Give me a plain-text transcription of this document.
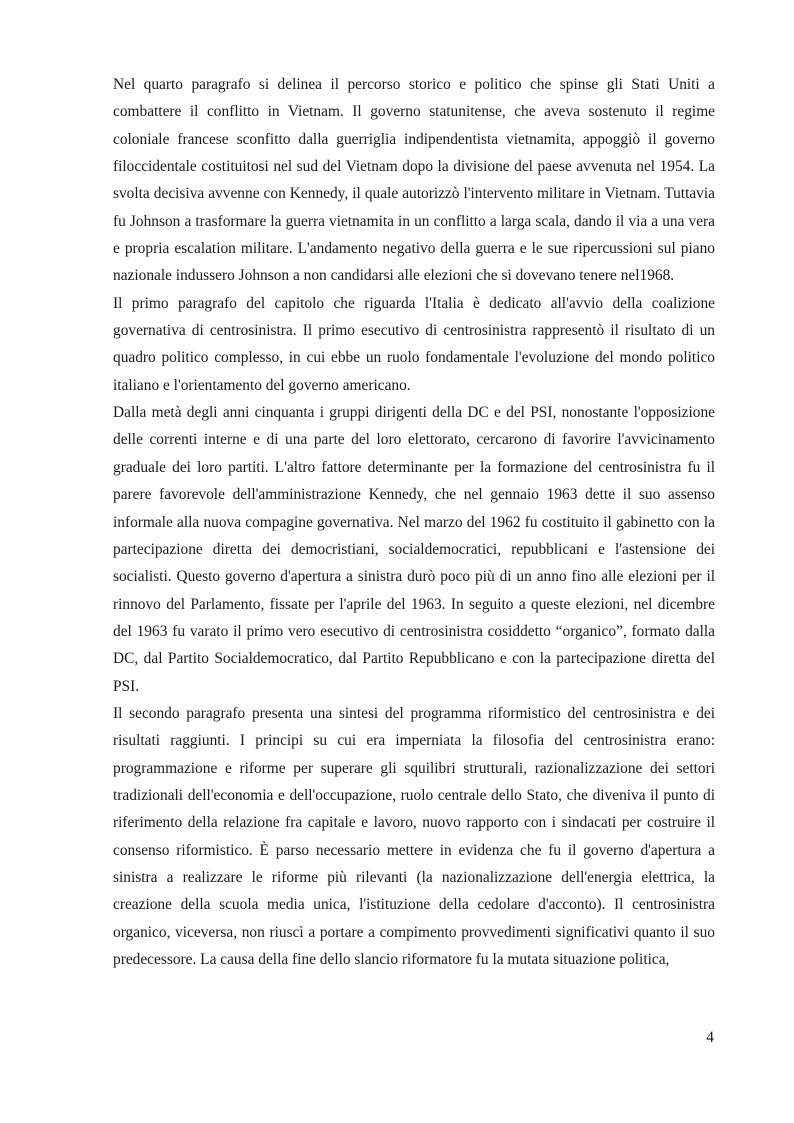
Nel quarto paragrafo si delinea il percorso storico e politico che spinse gli Stati Uniti a combattere il conflitto in Vietnam. Il governo statunitense, che aveva sostenuto il regime coloniale francese sconfitto dalla guerriglia indipendentista vietnamita, appoggiò il governo filoccidentale costituitosi nel sud del Vietnam dopo la divisione del paese avvenuta nel 1954. La svolta decisiva avvenne con Kennedy, il quale autorizzò l'intervento militare in Vietnam. Tuttavia fu Johnson a trasformare la guerra vietnamita in un conflitto a larga scala, dando il via a una vera e propria escalation militare. L'andamento negativo della guerra e le sue ripercussioni sul piano nazionale indussero Johnson a non candidarsi alle elezioni che si dovevano tenere nel1968.

Il primo paragrafo del capitolo che riguarda l'Italia è dedicato all'avvio della coalizione governativa di centrosinistra. Il primo esecutivo di centrosinistra rappresentò il risultato di un quadro politico complesso, in cui ebbe un ruolo fondamentale l'evoluzione del mondo politico italiano e l'orientamento del governo americano.

Dalla metà degli anni cinquanta i gruppi dirigenti della DC e del PSI, nonostante l'opposizione delle correnti interne e di una parte del loro elettorato, cercarono di favorire l'avvicinamento graduale dei loro partiti. L'altro fattore determinante per la formazione del centrosinistra fu il parere favorevole dell'amministrazione Kennedy, che nel gennaio 1963 dette il suo assenso informale alla nuova compagine governativa. Nel marzo del 1962 fu costituito il gabinetto con la partecipazione diretta dei democristiani, socialdemocratici, repubblicani e l'astensione dei socialisti. Questo governo d'apertura a sinistra durò poco più di un anno fino alle elezioni per il rinnovo del Parlamento, fissate per l'aprile del 1963. In seguito a queste elezioni, nel dicembre del 1963 fu varato il primo vero esecutivo di centrosinistra cosiddetto “organico”, formato dalla DC, dal Partito Socialdemocratico, dal Partito Repubblicano e con la partecipazione diretta del PSI.

Il secondo paragrafo presenta una sintesi del programma riformistico del centrosinistra e dei risultati raggiunti. I principi su cui era imperniata la filosofia del centrosinistra erano: programmazione e riforme per superare gli squilibri strutturali, razionalizzazione dei settori tradizionali dell'economia e dell'occupazione, ruolo centrale dello Stato, che diveniva il punto di riferimento della relazione fra capitale e lavoro, nuovo rapporto con i sindacati per costruire il consenso riformistico. È parso necessario mettere in evidenza che fu il governo d'apertura a sinistra a realizzare le riforme più rilevanti (la nazionalizzazione dell'energia elettrica, la creazione della scuola media unica, l'istituzione della cedolare d'acconto). Il centrosinistra organico, viceversa, non riuscì a portare a compimento provvedimenti significativi quanto il suo predecessore. La causa della fine dello slancio riformatore fu la mutata situazione politica,

4
